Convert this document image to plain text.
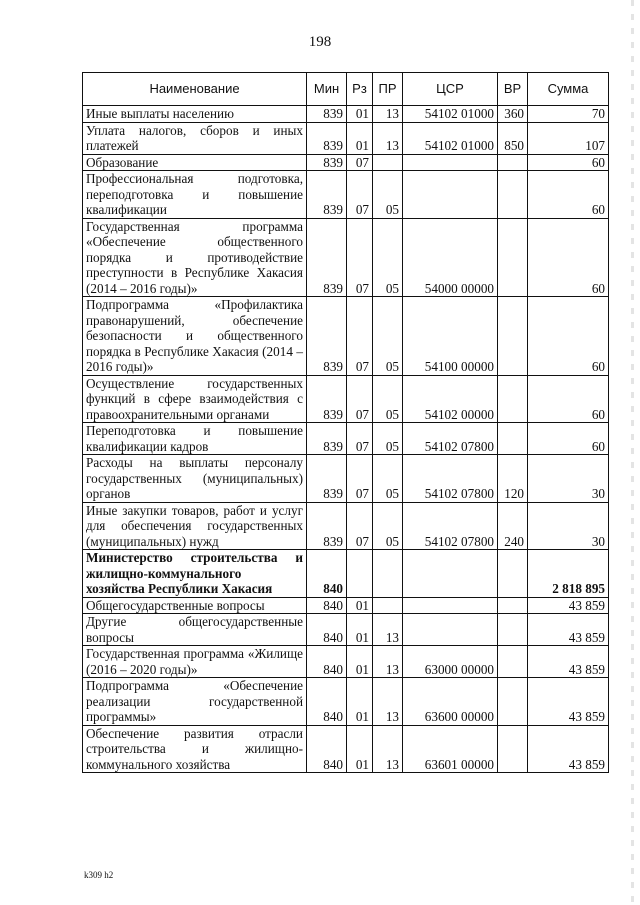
198
Наименование	Мин	Рз	ПР	ЦСР	ВР	Сумма
Иные выплаты населению	839	01	13	54102 01000	360	70
Уплата налогов, сборов и иных платежей	839	01	13	54102 01000	850	107
Образование	839	07				60
Профессиональная подготовка, переподготовка и повышение квалификации	839	07	05			60
Государственная программа «Обеспечение общественного порядка и противодействие преступности в Республике Хакасия (2014 – 2016 годы)»	839	07	05	54000 00000		60
Подпрограмма «Профилактика правонарушений, обеспечение безопасности и общественного порядка в Республике Хакасия (2014 – 2016 годы)»	839	07	05	54100 00000		60
Осуществление государственных функций в сфере взаимодействия с правоохранительными органами	839	07	05	54102 00000		60
Переподготовка и повышение квалификации кадров	839	07	05	54102 07800		60
Расходы на выплаты персоналу государственных (муниципальных) органов	839	07	05	54102 07800	120	30
Иные закупки товаров, работ и услуг для обеспечения государственных (муниципальных) нужд	839	07	05	54102 07800	240	30
Министерство строительства и жилищно-коммунального хозяйства Республики Хакасия	840					2 818 895
Общегосударственные вопросы	840	01				43 859
Другие общегосударственные вопросы	840	01	13			43 859
Государственная программа «Жилище (2016 – 2020 годы)»	840	01	13	63000 00000		43 859
Подпрограмма «Обеспечение реализации государственной программы»	840	01	13	63600 00000		43 859
Обеспечение развития отрасли строительства и жилищно-коммунального хозяйства	840	01	13	63601 00000		43 859
k309 h2
